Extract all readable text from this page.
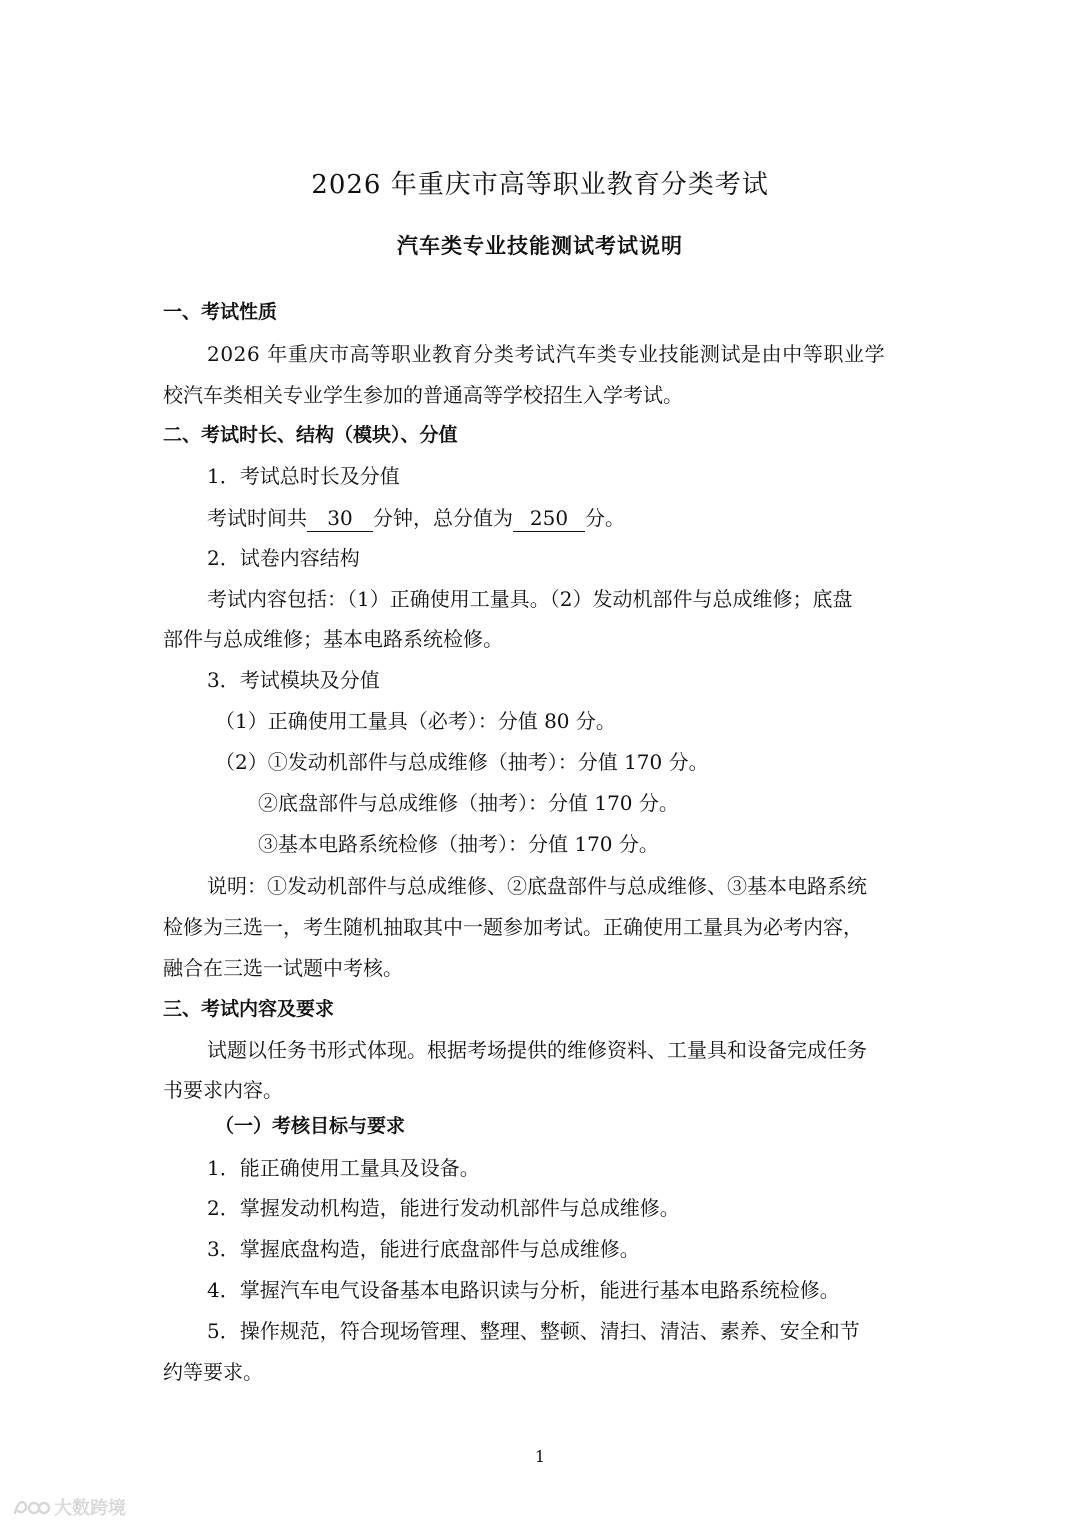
2026 年重庆市高等职业教育分类考试
汽车类专业技能测试考试说明
一、考试性质
2026 年重庆市高等职业教育分类考试汽车类专业技能测试是由中等职业学
校汽车类相关专业学生参加的普通高等学校招生入学考试。
二、考试时长、结构（模块）、分值
1．考试总时长及分值
考试时间共 30 分钟，总分值为 250 分。
2．试卷内容结构
考试内容包括：（1）正确使用工量具。（2）发动机部件与总成维修；底盘
部件与总成维修；基本电路系统检修。
3．考试模块及分值
（1）正确使用工量具（必考）：分值 80 分。
（2）①发动机部件与总成维修（抽考）：分值 170 分。
②底盘部件与总成维修（抽考）：分值 170 分。
③基本电路系统检修（抽考）：分值 170 分。
说明：①发动机部件与总成维修、②底盘部件与总成维修、③基本电路系统
检修为三选一，考生随机抽取其中一题参加考试。正确使用工量具为必考内容，
融合在三选一试题中考核。
三、考试内容及要求
试题以任务书形式体现。根据考场提供的维修资料、工量具和设备完成任务
书要求内容。
（一）考核目标与要求
1．能正确使用工量具及设备。
2．掌握发动机构造，能进行发动机部件与总成维修。
3．掌握底盘构造，能进行底盘部件与总成维修。
4．掌握汽车电气设备基本电路识读与分析，能进行基本电路系统检修。
5．操作规范，符合现场管理、整理、整顿、清扫、清洁、素养、安全和节
约等要求。
1
大数跨境
